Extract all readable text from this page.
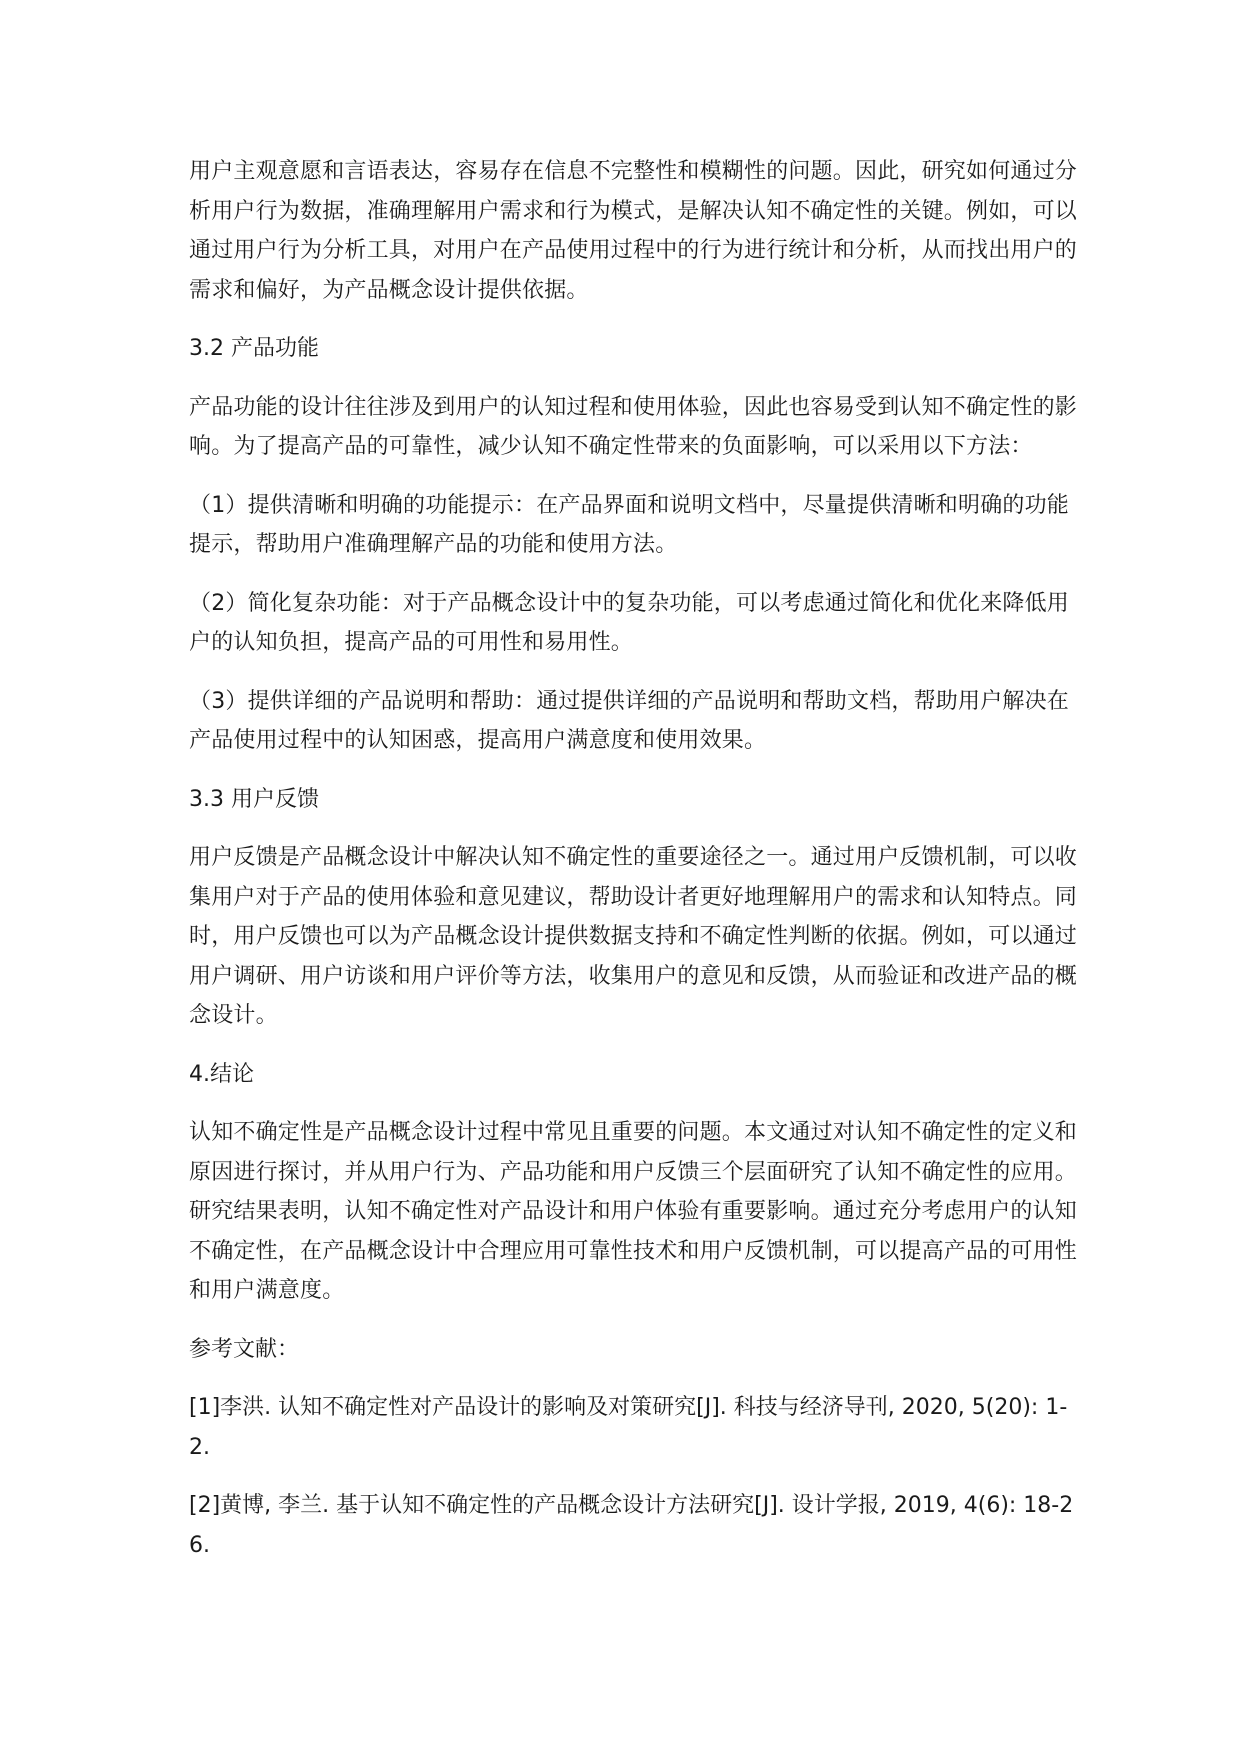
用户主观意愿和言语表达，容易存在信息不完整性和模糊性的问题。因此，研究如何通过分析用户行为数据，准确理解用户需求和行为模式，是解决认知不确定性的关键。例如，可以通过用户行为分析工具，对用户在产品使用过程中的行为进行统计和分析，从而找出用户的需求和偏好，为产品概念设计提供依据。

3.2 产品功能

产品功能的设计往往涉及到用户的认知过程和使用体验，因此也容易受到认知不确定性的影响。为了提高产品的可靠性，减少认知不确定性带来的负面影响，可以采用以下方法：

（1）提供清晰和明确的功能提示：在产品界面和说明文档中，尽量提供清晰和明确的功能提示，帮助用户准确理解产品的功能和使用方法。

（2）简化复杂功能：对于产品概念设计中的复杂功能，可以考虑通过简化和优化来降低用户的认知负担，提高产品的可用性和易用性。

（3）提供详细的产品说明和帮助：通过提供详细的产品说明和帮助文档，帮助用户解决在产品使用过程中的认知困惑，提高用户满意度和使用效果。

3.3 用户反馈

用户反馈是产品概念设计中解决认知不确定性的重要途径之一。通过用户反馈机制，可以收集用户对于产品的使用体验和意见建议，帮助设计者更好地理解用户的需求和认知特点。同时，用户反馈也可以为产品概念设计提供数据支持和不确定性判断的依据。例如，可以通过用户调研、用户访谈和用户评价等方法，收集用户的意见和反馈，从而验证和改进产品的概念设计。

4.结论

认知不确定性是产品概念设计过程中常见且重要的问题。本文通过对认知不确定性的定义和原因进行探讨，并从用户行为、产品功能和用户反馈三个层面研究了认知不确定性的应用。研究结果表明，认知不确定性对产品设计和用户体验有重要影响。通过充分考虑用户的认知不确定性，在产品概念设计中合理应用可靠性技术和用户反馈机制，可以提高产品的可用性和用户满意度。

参考文献：

[1]李洪. 认知不确定性对产品设计的影响及对策研究[J]. 科技与经济导刊, 2020, 5(20): 1-2.

[2]黄博, 李兰. 基于认知不确定性的产品概念设计方法研究[J]. 设计学报, 2019, 4(6): 18-26.
